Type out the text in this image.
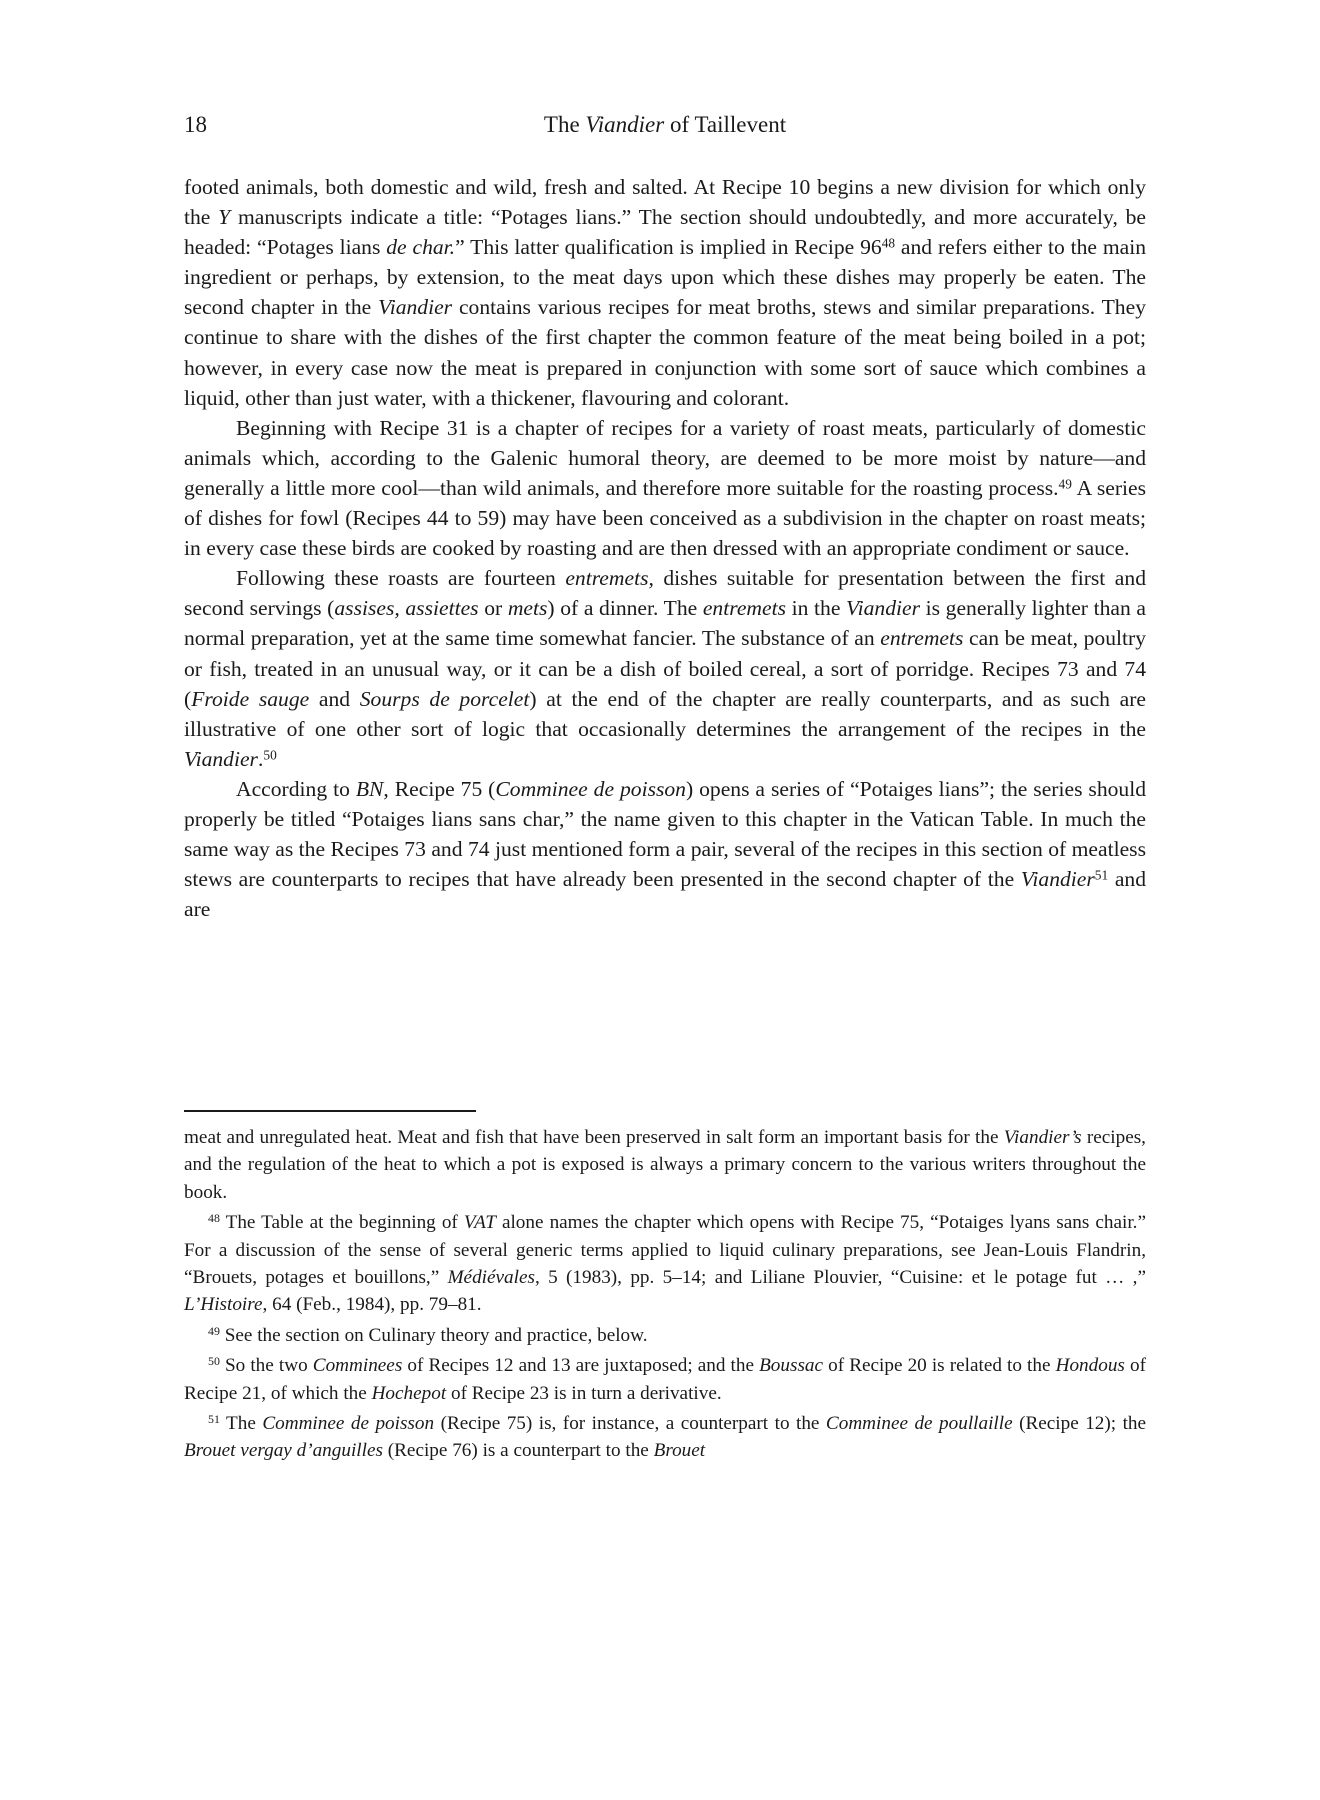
18	The Viandier of Taillevent

footed animals, both domestic and wild, fresh and salted. At Recipe 10 begins a new division for which only the Y manuscripts indicate a title: “Potages lians.” The section should undoubtedly, and more accurately, be headed: “Potages lians de char.” This latter qualification is implied in Recipe $96^{48}$ and refers either to the main ingredient or perhaps, by extension, to the meat days upon which these dishes may properly be eaten. The second chapter in the Viandier contains various recipes for meat broths, stews and similar preparations. They continue to share with the dishes of the first chapter the common feature of the meat being boiled in a pot; however, in every case now the meat is prepared in conjunction with some sort of sauce which combines a liquid, other than just water, with a thickener, flavouring and colorant.

Beginning with Recipe 31 is a chapter of recipes for a variety of roast meats, particularly of domestic animals which, according to the Galenic humoral theory, are deemed to be more moist by nature—and generally a little more cool—than wild animals, and therefore more suitable for the roasting process.$^{49}$ A series of dishes for fowl (Recipes 44 to 59) may have been conceived as a subdivision in the chapter on roast meats; in every case these birds are cooked by roasting and are then dressed with an appropriate condiment or sauce.

Following these roasts are fourteen entremets, dishes suitable for presentation between the first and second servings (assises, assiettes or mets) of a dinner. The entremets in the Viandier is generally lighter than a normal preparation, yet at the same time somewhat fancier. The substance of an entremets can be meat, poultry or fish, treated in an unusual way, or it can be a dish of boiled cereal, a sort of porridge. Recipes 73 and 74 (Froide sauge and Sourps de porcelet) at the end of the chapter are really counterparts, and as such are illustrative of one other sort of logic that occasionally determines the arrangement of the recipes in the Viandier.$^{50}$

According to BN, Recipe 75 (Comminee de poisson) opens a series of “Potaiges lians”; the series should properly be titled “Potaiges lians sans char,” the name given to this chapter in the Vatican Table. In much the same way as the Recipes 73 and 74 just mentioned form a pair, several of the recipes in this section of meatless stews are counterparts to recipes that have already been presented in the second chapter of the Viandier$^{51}$ and are

meat and unregulated heat. Meat and fish that have been preserved in salt form an important basis for the Viandier’s recipes, and the regulation of the heat to which a pot is exposed is always a primary concern to the various writers throughout the book.

$^{48}$ The Table at the beginning of VAT alone names the chapter which opens with Recipe 75, “Potaiges lyans sans chair.” For a discussion of the sense of several generic terms applied to liquid culinary preparations, see Jean-Louis Flandrin, “Brouets, potages et bouillons,” Médiévales, 5 (1983), pp. 5–14; and Liliane Plouvier, “Cuisine: et le potage fut … ,” L’Histoire, 64 (Feb., 1984), pp. 79–81.

$^{49}$ See the section on Culinary theory and practice, below.

$^{50}$ So the two Comminees of Recipes 12 and 13 are juxtaposed; and the Boussac of Recipe 20 is related to the Hondous of Recipe 21, of which the Hochepot of Recipe 23 is in turn a derivative.

$^{51}$ The Comminee de poisson (Recipe 75) is, for instance, a counterpart to the Comminee de poullaille (Recipe 12); the Brouet vergay d’anguilles (Recipe 76) is a counterpart to the Brouet
